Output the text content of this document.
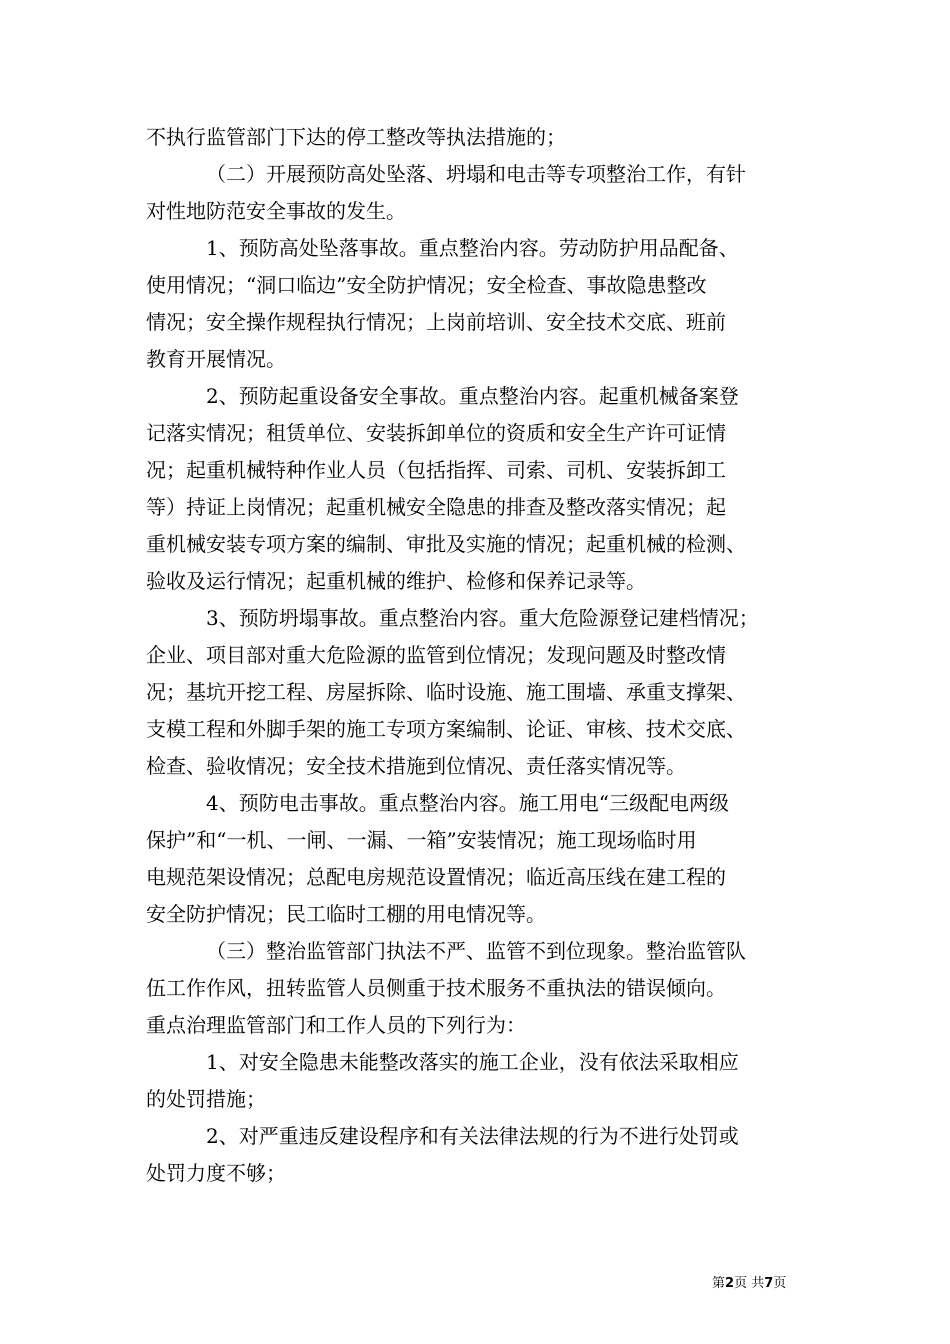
不执行监管部门下达的停工整改等执法措施的；
（二）开展预防高处坠落、坍塌和电击等专项整治工作，有针
对性地防范安全事故的发生。
1、预防高处坠落事故。重点整治内容。劳动防护用品配备、
使用情况；“洞口临边”安全防护情况；安全检查、事故隐患整改
情况；安全操作规程执行情况；上岗前培训、安全技术交底、班前
教育开展情况。
2、预防起重设备安全事故。重点整治内容。起重机械备案登
记落实情况；租赁单位、安装拆卸单位的资质和安全生产许可证情
况；起重机械特种作业人员（包括指挥、司索、司机、安装拆卸工
等）持证上岗情况；起重机械安全隐患的排查及整改落实情况；起
重机械安装专项方案的编制、审批及实施的情况；起重机械的检测、
验收及运行情况；起重机械的维护、检修和保养记录等。
3、预防坍塌事故。重点整治内容。重大危险源登记建档情况；
企业、项目部对重大危险源的监管到位情况；发现问题及时整改情
况；基坑开挖工程、房屋拆除、临时设施、施工围墙、承重支撑架、
支模工程和外脚手架的施工专项方案编制、论证、审核、技术交底、
检查、验收情况；安全技术措施到位情况、责任落实情况等。
4、预防电击事故。重点整治内容。施工用电“三级配电两级
保护”和“一机、一闸、一漏、一箱”安装情况；施工现场临时用
电规范架设情况；总配电房规范设置情况；临近高压线在建工程的
安全防护情况；民工临时工棚的用电情况等。
（三）整治监管部门执法不严、监管不到位现象。整治监管队
伍工作作风，扭转监管人员侧重于技术服务不重执法的错误倾向。
重点治理监管部门和工作人员的下列行为：
1、对安全隐患未能整改落实的施工企业，没有依法采取相应
的处罚措施；
2、对严重违反建设程序和有关法律法规的行为不进行处罚或
处罚力度不够；
第2页 共7页
